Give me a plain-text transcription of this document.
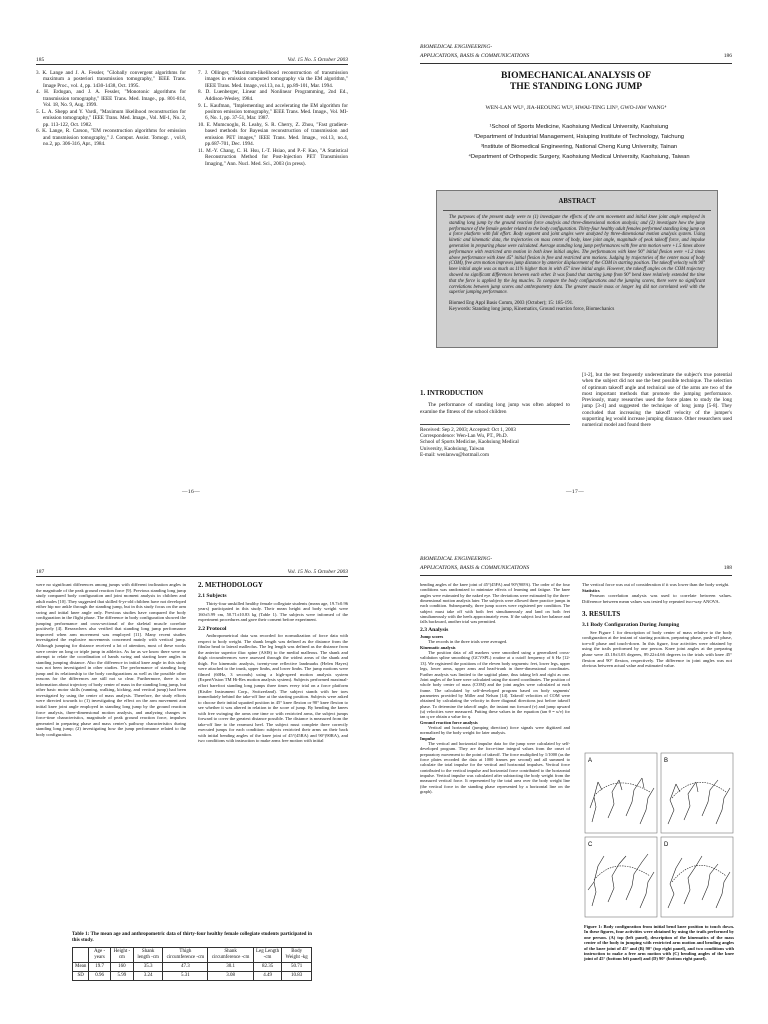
185	Vol. 15 No. 5 October 2003
3. K. Lange and J. A. Fessler, "Globally convergent algorithms for maximum a posteriori transmission tomography," IEEE Trans. Image Proc., vol. 4, pp. 1430-1438, Oct. 1995.
4. H. Erdogan, and J. A. Fessler, "Monotonic algorithms for transmission tomography," IEEE Trans. Med. Image., pp. 801-814, Vol. 18, No. 9, Aug. 1999.
5. L. A. Shepp and Y. Vardi, "Maximum likelihood reconstruction for emission tomography," IEEE Trans. Med. Image., Vol. MI-1, No. 2, pp. 113-122, Oct. 1982.
6. K. Lange, R. Carson, "EM reconstruction algorithms for emission and transmission tomography," J. Comput. Assist. Tomogr. , vol.8, no.2, pp. 306-316, Apr., 1984.
7. J. Ollinger, "Maximum-likelihood reconstruction of transmission images in emission computed tomography via the EM algorithm," IEEE Trans. Med. Image.,vol.13, no.1, pp.89-101, Mar. 1994.
8. D. Luenberger, Linear and Nonlinear Programming, 2nd Ed., Addison-Wesley, 1984.
9. L. Kaufman, "Implementing and accelerating the EM algorithm for positron emission tomography," IEEE Trans. Med. Image., Vol. MI-6, No. 1, pp. 37-51, Mar. 1987.
10. E. Mumcuoglu, R. Leahy, S. R. Cherry, Z. Zhou, "Fast gradient-based methods for Bayesian reconstruction of transmission and emission PET images," IEEE Trans. Med. Image., vol.13, no.4, pp.687-701, Dec. 1994.
11. M.-Y. Chang, C. H. Hsu, I.-T. Hsiao, and P.-F. Kao, "A Statistical Reconstruction Method for Post-Injection PET Transmission Imaging," Ann. Nucl. Med. Sci., 2003 (in press).
—16—
BIOMEDICAL ENGINEERING-
APPLICATIONS, BASIS & COMMUNICATIONS	186
BIOMECHANICAL ANALYSIS OF
THE STANDING LONG JUMP
WEN-LAN WU¹, JIA-HEOUNG WU², HWAI-TING LIN³, GWO-JAW WANG⁴
¹School of Sports Medicine, Kaohsiung Medical University, Kaohsiung
²Department of Industrial Management, Hsiuping Institute of Technology, Taichung
³Institute of Biomedical Engineering, National Cheng Kung University, Tainan
⁴Department of Orthopedic Surgery, Kaohsiung Medical University, Kaohsiung, Taiwan
ABSTRACT
The purposes of the present study were to (1) investigate the effects of the arm movement and initial knee joint angle employed in standing long jump by the ground reaction force analysis and three-dimensional motion analysis; and (2) investigate how the jump performance of the female gender related to the body configuration. Thirty-four healthy adult females performed standing long jump on a force platform with full effort. Body segment and joint angles were analyzed by three-dimensional motion analysis system. Using kinetic and kinematic data, the trajectories on mass center of body, knee joint angle, magnitude of peak takeoff force, and impulse generation in preparing phase were calculated. Average standing long jump performances with free arm motion were +1.5 times above performance with restricted arm motion in both knee initial angles. The performances with knee 90° initial flexion were +1.2 times above performance with knee 45° initial flexion in free and restricted arm motions. Judging by trajectories of the center mass of body (COM), free arm motion improves jump distance by anterior displacement of the COM in starting position. The takeoff velocity with 90° knee initial angle was as much as 11% higher than in with 45° knee initial angle. However, the takeoff angles on the COM trajectory showed no significant differences between each other. It was found that starting jump from 90° bend knee relatively extended the time that the force is applied by the leg muscles. To compare the body configurations and the jumping scores, there were no significant correlations between jump scores and anthropometry data. The greater muscle mass or longer leg did not correlated well with the superior jumping performance.
Biomed Eng Appl Basis Comm, 2003 (October); 15: 185-191.
Keywords: Standing long jump, Kinematics, Ground reaction force, Biomechanics
1. INTRODUCTION
The performance of standing long jump was often adopted to examine the fitness of the school children
Received: Sep 2, 2003; Accepted: Oct 1, 2003
Correspondence: Wen-Lan Wu, PT., Ph.D.
School of Sports Medicine, Kaohsiung Medical
University, Kaohsiung, Taiwan
E-mail: wenlanwu@hotmail.com
[1-2], but the test frequently underestimate the subject's true potential when the subject did not use the best possible technique. The selection of optimum takeoff angle and technical use of the arms are two of the most important methods that promote the jumping performance. Previously, many researches used the force plates to study the long jump [3-4] and suggested the technique of long jump [5-8]. They concluded that increasing the takeoff velocity of the jumper's supporting leg would increase jumping distance. Other researchers used numerical model and found there
—17—
187	Vol. 15 No. 5 October 2003
were no significant differences among jumps with different inclination angles in the magnitude of the peak ground reaction force [9]. Previous standing long jump study compared body configuration and joint moment analysis in children and adult males [10]. They suggested that skilled 6-yr-old children have not developed either hip nor ankle through the standing jump, but in this study focus on the arm swing and initial knee angle only. Previous studies have compared the body configuration in the flight phase. The difference in body configuration showed the jumping performance and cross-sectional of the skeletal muscle correlate positively [4]. Researchers also verified that standing long jump performance improved when arm movement was employed [11]. Many recent studies investigated the explosive movements concerned mainly with vertical jump. Although jumping for distance received a lot of attention, most of these works were center on long or triple jump in athletics. As far as we know there were no attempt to relate the coordination of hands swing and starting knee angles in standing jumping distance. Also the difference in initial knee angle in this study was not been investigated in other studies. The performance of standing long jump and its relationship to the body configurations as well as the possible other reasons for the differences are still not so clear. Furthermore, there is no information about trajectory of body center of mass in the standing long jump, but other basic motor skills (running, walking, kicking, and vertical jump) had been investigated by using the center of mass analysis. Therefore, the study efforts were directed towards to (1) investigating the effect on the arm movement and initial knee joint angle employed in standing long jump by the ground reaction force analysis, three-dimensional motion analysis, and analyzing changes in force-time characteristics, magnitude of peak ground reaction force, impulses generated in preparing phase and mass center's pathway characteristics during standing long jump; (2) investigating how the jump performance related to the body configuration.
2. METHODOLOGY
2.1 Subjects
Thirty-four unskilled healthy female collegiate students (mean age, 19.7±0.96 years) participated in this study. Their mean height and body weight were 160±5.99 cm, 50.71±10.83 kg (Table 1). The subjects were informed of the experiment procedures and gave their consent before experiment.
2.2 Protocol
Anthropometrical data was recorded for normalization of force data with respect to body weight. The shank length was defined as the distance from the fibular head to lateral malleolus. The leg length was defined as the distance from the anterior superior iliac spine (ASIS) to the medial malleous. The shank and thigh circumferences were assessed through the widest areas of the shank and thigh. For kinematic analysis, twenty-one reflective landmarks (Helen Hayes) were attached to the trunk, upper limbs, and lower limbs. The jump motions were filmed (60Hz, 3 seconds) using a high-speed motion analysis system (ExpertVision TM Hi-Res motion analysis system). Subjects performed maximal-effort barefoot standing long jumps three times every trial on a force platform (Kistler Instrument Corp., Switzerland). The subject stands with her toes immediately behind the take-off line at the starting position. Subjects were asked to choose their initial squatted position in 45° knee flexion or 90° knee flexion to see whether it was altered in relation to the score of jump. By bending the knees with free swinging the arms one time or with restricted arms, the subject jumps forward to cover the greatest distance possible. The distance is measured from the take-off line to the rearmost heel. The subject must complete three correctly executed jumps for each condition: subjects restricted their arms on their back with initial bending angles of the knee joint of 45°(45RA) and 90°(90RA), and two conditions with instruction to make arms free motion with initial
Table 1: The mean age and anthropometric data of thirty-four healthy female collegiate students participated in this study.
	Age -years	Height -cm	Shank length -cm	Thigh circumference -cm	Shank circumference -cm	Leg Length -cm	Body Weight -kg
Mean	19.7	160	35.3	47.3	30.1	82.35	50.71
SD	0.96	5.99	3.24	5.31	3.08	4.49	10.83
BIOMEDICAL ENGINEERING-
APPLICATIONS, BASIS & COMMUNICATIONS	188
bending angles of the knee joint of 45°(45FA) and 90°(90FA). The order of the four conditions was randomized to minimize effects of learning and fatigue. The knee angles were estimated by the naked eye. The deviations were estimated by the three-dimensional motion analysis later. The subjects were allowed three practice jumps in each condition. Subsequently, three jump scores were registered per condition. The subject must take off with both feet simultaneously and land on both feet simultaneously with the heels approximately even. If the subject lost her balance and falls backward, another trial was permitted.
2.3 Analysis
Jump scores
The records in the three trials were averaged.
Kinematic analysis
The position data of all markers were smoothed using a generalized cross-validation spline smoothing (GCVSPL) routine at a cutoff frequency of 6 Hz [12-13]. We registered the positions of the eleven body segments: feet, lower legs, upper legs, lower arms, upper arms and head-trunk in three-dimensional coordinates. Further analysis was limited to the sagittal plane, thus taking left and right as one. Joint angles of the knee were calculated using the stored coordinates. The position of whole body center of mass (COM) and the joint angles were calculated at each frame. The calculated by self-developed program based on body segments' parameters provided by Miller and Nelson [14]. Takeoff velocities of COM were obtained by calculating the velocity in three diagonal directions just before takeoff phase. To determine the takeoff angle, the instant run forward (v) and jump upward (u) velocities were measured. Putting these values in the equation (tan θ = u/v) for tan q we obtain a value for q.
Ground reaction force analysis
Vertical and horizontal (jumping direction) force signals were digitized and normalized by the body weight for later analysis.
Impulse
The vertical and horizontal impulse data for the jump were calculated by self-developed program. They are the force-time integral values from the onset of preparatory movement to the point of takeoff. The force multiplied by 1/1000 (as the force plates recorded the data at 1000 frames per second) and all summed to calculate the total impulse for the vertical and horizontal impulses. Vertical force contributed to the vertical impulse and horizontal force contributed to the horizontal impulse. Vertical impulse was calculated after subtracting the body weight from the measured vertical force. It represented by the total area over the body weight line (the vertical force in the standing phase represented by a horizontal line on the graph).
The vertical force was out of consideration if it was lower than the body weight.
Statistics
Pearson correlation analysis was used to correlate between values. Difference between mean values was tested by repeated two-way ANOVA.
3. RESULTS
3.1 Body Configuration During Jumping
See Figure 1 for description of body center of mass relative to the body configuration at the instant of starting position, preparing phase, push-off phase, toe-off phase and touch-down. In this figure, four activities were obtained by using the trails performed by one person. Knee joint angles at the preparing phase were 43.18±3.03 degrees, 89.22±4.66 degrees in the trials with knee 45° flexion and 90° flexion, respectively. The difference in joint angles was not obvious between actual value and estimated value.
A	B
C	D
Figure 1: Body configuration from initial bend knee position to touch down. In these figures, four activities were obtained by using the trails performed by one person. (A) top (left panel), description of the kinematics of the mass center of the body in jumping with restricted arm motion and bending angles of the knee joint of 45° and (B) 90° (top right panel), and two conditions with instruction to make a free arm motion with (C) bending angles of the knee joint of 45° (bottom left panel) and (D) 90° (bottom right panel).
